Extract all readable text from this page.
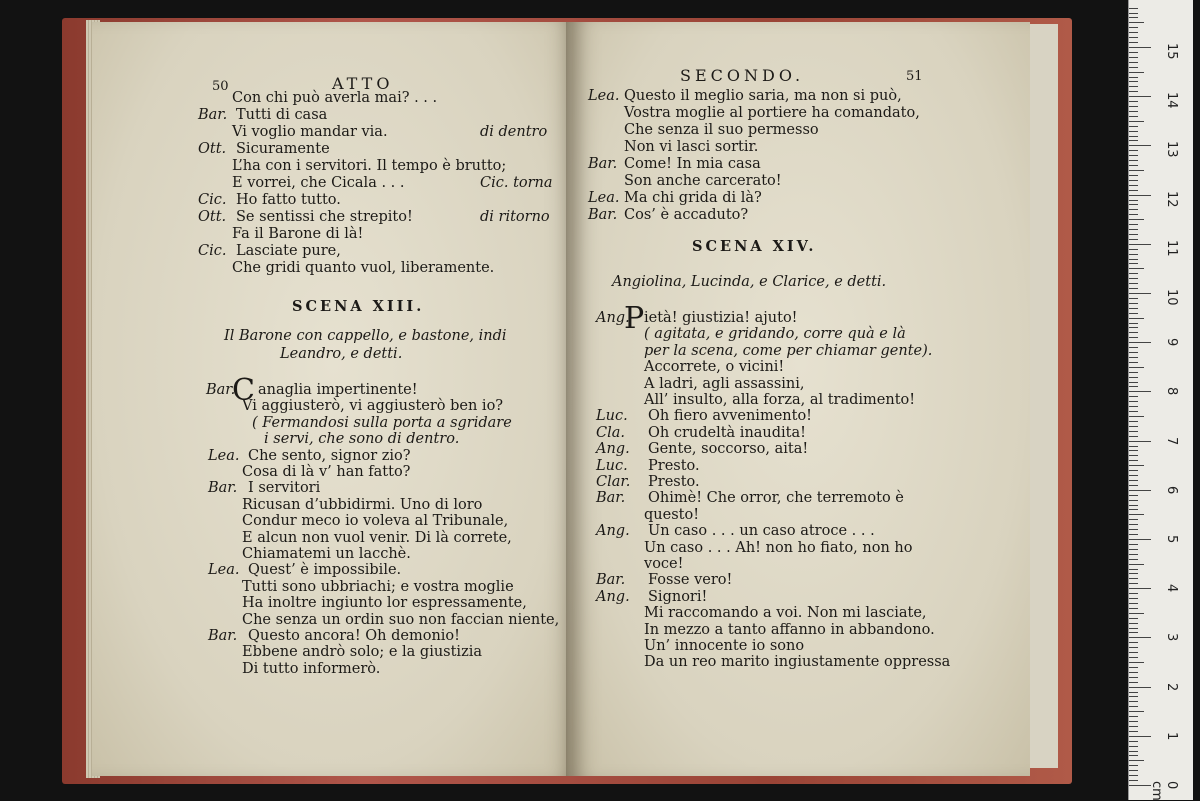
50	ATTO
Con chi può averla mai? . . .
Bar. Tutti di casa
Vi voglio mandar via.	di dentro
Ott. Sicuramente
L’ha con i servitori. Il tempo è brutto;
E vorrei, che Cicala . . .	Cic. torna
Cic. Ho fatto tutto.
Ott. Se sentissi che strepito!	di ritorno
Fa il Barone di là!
Cic. Lasciate pure,
Che gridi quanto vuol, liberamente.
SCENA XIII.
Il Barone con cappello, e bastone, indi
Leandro, e detti.
C
Bar. anaglia impertinente!
Vi aggiusterò, vi aggiusterò ben io?
( Fermandosi sulla porta a sgridare
i servi, che sono di dentro.
Lea. Che sento, signor zio?
Cosa di là v’ han fatto?
Bar. I servitori
Ricusan d’ubbidirmi. Uno di loro
Condur meco io voleva al Tribunale,
E alcun non vuol venir. Di là correte,
Chiamatemi un lacchè.
Lea. Quest’ è impossibile.
Tutti sono ubbriachi; e vostra moglie
Ha inoltre ingiunto lor espressamente,
Che senza un ordin suo non faccian niente,
Bar. Questo ancora! Oh demonio!
Ebbene andrò solo; e la giustizia
Di tutto informerò.
SECONDO.	51
Lea. Questo il meglio saria, ma non si può,
Vostra moglie al portiere ha comandato,
Che senza il suo permesso
Non vi lasci sortir.
Bar. Come! In mia casa
Son anche carcerato!
Lea. Ma chi grida di là?
Bar. Cos’ è accaduto?
SCENA XIV.
Angiolina, Lucinda, e Clarice, e detti.
P
Ang. ietà! giustizia! ajuto!
( agitata, e gridando, corre quà e là
per la scena, come per chiamar gente).
Accorrete, o vicini!
A ladri, agli assassini,
All’ insulto, alla forza, al tradimento!
Luc. Oh fiero avvenimento!
Cla. Oh crudeltà inaudita!
Ang. Gente, soccorso, aita!
Luc. Presto.
Clar. Presto.
Bar. Ohimè! Che orror, che terremoto è
questo!
Ang. Un caso . . . un caso atroce . . .
Un caso . . . Ah! non ho fiato, non ho
voce!
Bar. Fosse vero!
Ang. Signori!
Mi raccomando a voi. Non mi lasciate,
In mezzo a tanto affanno in abbandono.
Un’ innocente io sono
Da un reo marito ingiustamente oppressa
0 cm
1
2
3
4
5
6
7
8
9
10
11
12
13
14
15
